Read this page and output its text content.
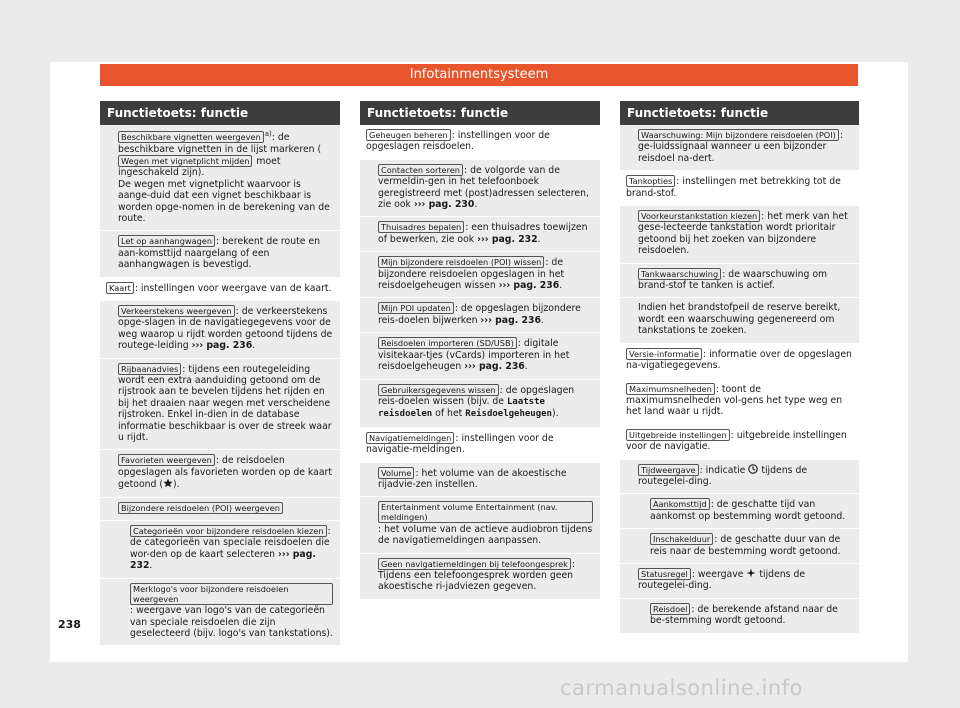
Infotainmentsysteem
Functietoets: functie
Beschikbare vignetten weergeven $^{a)}$: de beschikbare vignetten in de lijst markeren (Wegen met vignetplicht mijden moet ingeschakeld zijn).
De wegen met vignetplicht waarvoor is aange-duid dat een vignet beschikbaar is worden opge-nomen in de berekening van de route.
Let op aanhangwagen : berekent de route en aan-komsttijd naargelang of een aanhangwagen is bevestigd.
Kaart : instellingen voor weergave van de kaart.
Verkeerstekens weergeven : de verkeerstekens opge-slagen in de navigatiegegevens voor de weg waarop u rijdt worden getoond tijdens de routege-leiding ››› pag. 236.
Rijbaanadvies : tijdens een routegeleiding wordt een extra aanduiding getoond om de rijstrook aan te bevelen tijdens het rijden en bij het draaien naar wegen met verscheidene rijstroken. Enkel in-dien in de database informatie beschikbaar is over de streek waar u rijdt.
Favorieten weergeven : de reisdoelen opgeslagen als favorieten worden op de kaart getoond ( ).
Bijzondere reisdoelen (POI) weergeven
Categorieën voor bijzondere reisdoelen kiezen : de categorieën van speciale reisdoelen die wor-den op de kaart selecteren ››› pag. 232.
Merklogo's voor bijzondere reisdoelen weergeven: weergave van logo's van de categorieën van speciale reisdoelen die zijn geselecteerd (bijv. logo's van tankstations).
Functietoets: functie
Geheugen beheren : instellingen voor de opgeslagen reisdoelen.
Contacten sorteren : de volgorde van de vermeldin-gen in het telefoonboek geregistreerd met (post)adressen selecteren, zie ook ››› pag. 230.
Thuisadres bepalen : een thuisadres toewijzen of bewerken, zie ook ››› pag. 232.
Mijn bijzondere reisdoelen (POI) wissen : de bijzondere reisdoelen opgeslagen in het reisdoelgeheugen wissen ››› pag. 236.
Mijn POI updaten : de opgeslagen bijzondere reis-doelen bijwerken ››› pag. 236.
Reisdoelen importeren (SD/USB) : digitale visitekaar-tjes (vCards) importeren in het reisdoelgeheugen ››› pag. 236.
Gebruikersgegevens wissen : de opgeslagen reis-doelen wissen (bijv. de Laatste reisdoelen of het Reisdoelgeheugen).
Navigatiemeldingen : instellingen voor de navigatie-meldingen.
Volume : het volume van de akoestische rijadvie-zen instellen.
Entertainment volume Entertainment (nav. meldingen): het volume van de actieve audiobron tijdens de navigatiemeldingen aanpassen.
Geen navigatiemeldingen bij telefoongesprek : Tijdens een telefoongesprek worden geen akoestische ri-jadviezen gegeven.
Functietoets: functie
Waarschuwing: Mijn bijzondere reisdoelen (POI) : ge-luidssignaal wanneer u een bijzonder reisdoel na-dert.
Tankopties : instellingen met betrekking tot de brand-stof.
Voorkeurstankstation kiezen : het merk van het gese-lecteerde tankstation wordt prioritair getoond bij het zoeken van bijzondere reisdoelen.
Tankwaarschuwing : de waarschuwing om brand-stof te tanken is actief.
Indien het brandstofpeil de reserve bereikt, wordt een waarschuwing gegenereerd om tankstations te zoeken.
Versie-informatie : informatie over de opgeslagen na-vigatiegegevens.
Maximumsnelheden : toont de maximumsnelheden vol-gens het type weg en het land waar u rijdt.
Uitgebreide instellingen : uitgebreide instellingen voor de navigatie.
Tijdweergave : indicatie  tijdens de routegelei-ding.
Aankomsttijd : de geschatte tijd van aankomst op bestemming wordt getoond.
Inschakelduur : de geschatte duur van de reis naar de bestemming wordt getoond.
Statusregel : weergave  tijdens de routegelei-ding.
Reisdoel : de berekende afstand naar de be-stemming wordt getoond.
238
carmanualsonline.info
